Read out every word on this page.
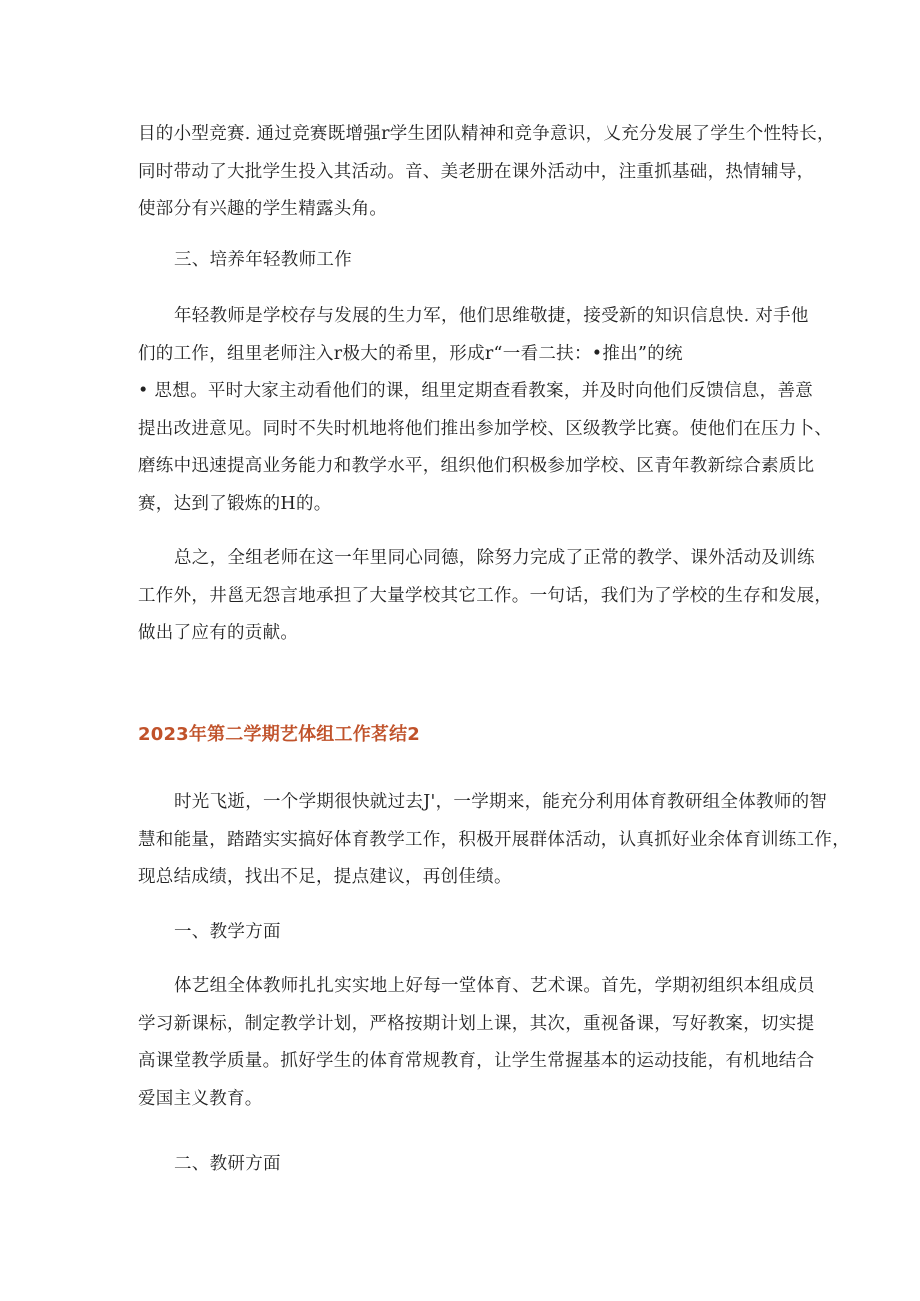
目的小型竞赛. 通过竞赛既增强r学生团队精神和竞争意识，乂充分发展了学生个性特长，
同时带动了大批学生投入其活动。音、美老册在课外活动中，注重抓基础，热情辅导，
使部分有兴趣的学生精露头角。
三、培养年轻教师工作
年轻教师是学校存与发展的生力军，他们思维敬捷，接受新的知识信息快. 对手他
们的工作，组里老师注入r极大的希里，形成r“一看二扶：•推出”的统
• 思想。平时大家主动看他们的课，组里定期查看教案，并及时向他们反馈信息，善意
提出改进意见。同时不失时机地将他们推出参加学校、区级教学比赛。使他们在压力卜、
磨练中迅速提高业务能力和教学水平，组织他们积极参加学校、区青年教新综合素质比
赛，达到了锻炼的H的。
总之，全组老师在这一年里同心同德，除努力完成了正常的教学、课外活动及训练
工作外，井邕无怨言地承担了大量学校其它工作。一句话，我们为了学校的生存和发展，
做出了应有的贡献。
2023年第二学期艺体组工作茗结2
时光飞逝，一个学期很快就过去J'，一学期来，能充分利用体育教研组全体教师的智
慧和能量，踏踏实实搞好体育教学工作，积极开展群体活动，认真抓好业余体育训练工作，
现总结成绩，找出不足，提点建议，再创佳绩。
一、教学方面
体艺组全体教师扎扎实实地上好每一堂体育、艺术课。首先，学期初组织本组成员
学习新课标，制定教学计划，严格按期计划上课，其次，重视备课，写好教案，切实提
高课堂教学质量。抓好学生的体育常规教育，让学生常握基本的运动技能，有机地结合
爱国主义教育。
二、教研方面
